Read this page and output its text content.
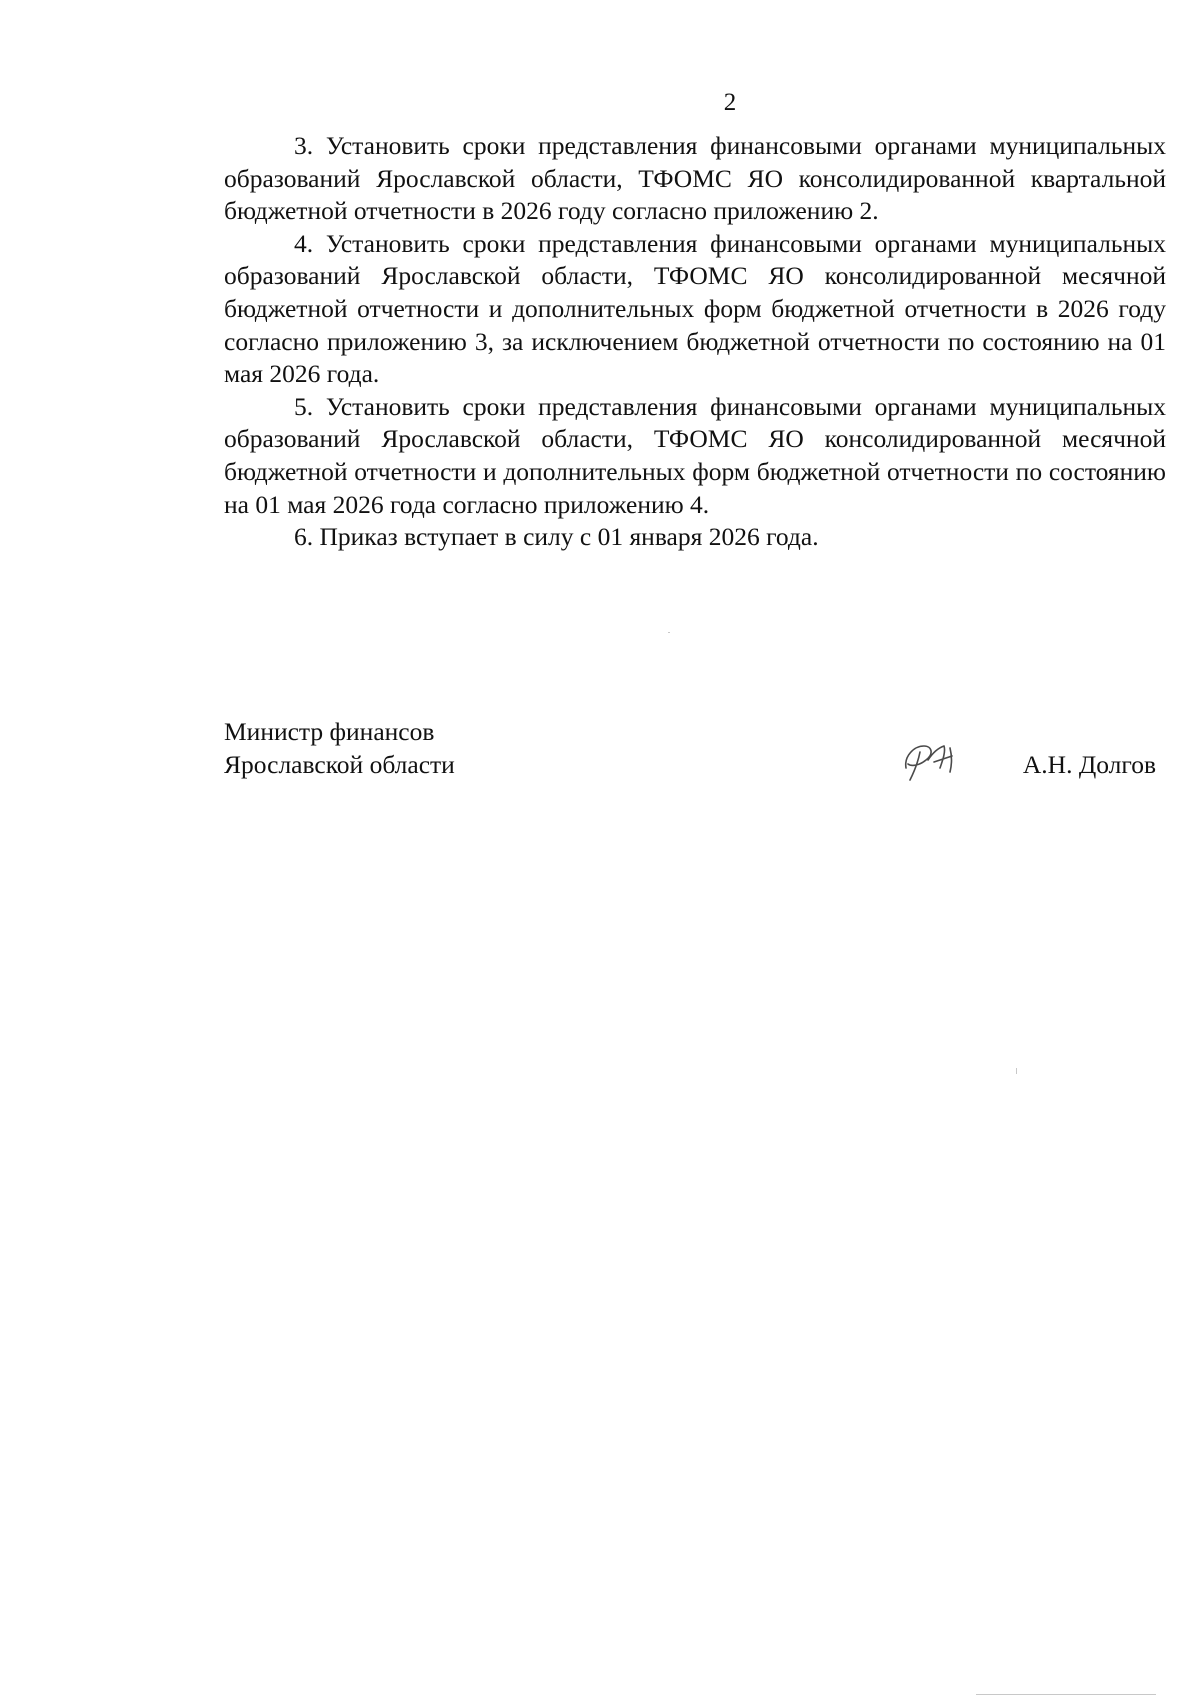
2

3. Установить сроки представления финансовыми органами муниципальных образований Ярославской области, ТФОМС ЯО консолидированной квартальной бюджетной отчетности в 2026 году согласно приложению 2.

4. Установить сроки представления финансовыми органами муниципальных образований Ярославской области, ТФОМС ЯО консолидированной месячной бюджетной отчетности и дополнительных форм бюджетной отчетности в 2026 году согласно приложению 3, за исключением бюджетной отчетности по состоянию на 01 мая 2026 года.

5. Установить сроки представления финансовыми органами муниципальных образований Ярославской области, ТФОМС ЯО консолидированной месячной бюджетной отчетности и дополнительных форм бюджетной отчетности по состоянию на 01 мая 2026 года согласно приложению 4.

6. Приказ вступает в силу с 01 января 2026 года.

Министр финансов
Ярославской области	А.Н. Долгов
